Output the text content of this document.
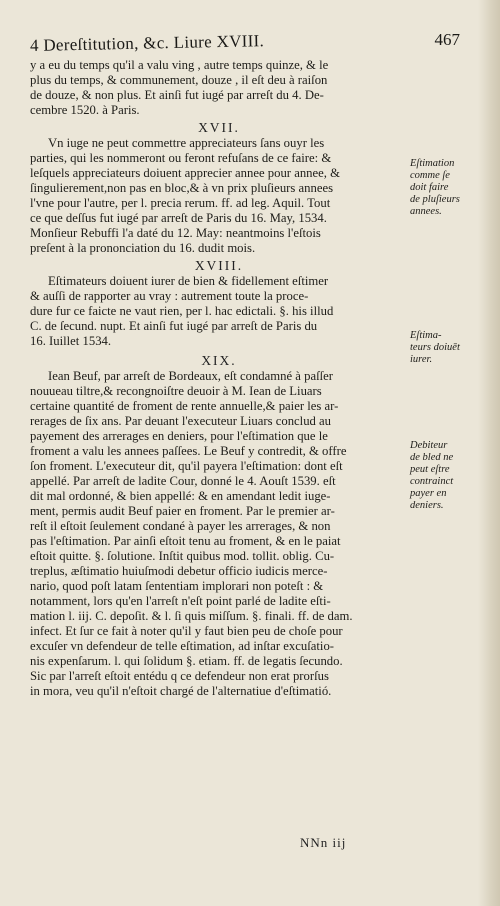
4 Dereſtitution, &c. Liure XVIII.	467

y a eu du temps qu'il a valu ving , autre temps quinze, & le
plus du temps, & communement, douze , il eſt deu à raiſon
de douze, & non plus. Et ainſi fut iugé par arreſt du 4. De-
cembre 1520. à Paris.

XVII.

Vn iuge ne peut commettre appreciateurs ſans ouyr les
parties, qui les nommeront ou feront refuſans de ce faire: &
leſquels appreciateurs doiuent apprecier annee pour annee, &
ſingulierement,non pas en bloc,& à vn prix pluſieurs annees
l'vne pour l'autre, per l. precia rerum. ff. ad leg. Aquil. Tout
ce que deſſus fut iugé par arreſt de Paris du 16. May, 1534.
Monſieur Rebuffi l'a daté du 12. May: neantmoins l'eſtois
preſent à la prononciation du 16. dudit mois.

XVIII.

Eſtimateurs doiuent iurer de bien & fidellement eſtimer
& auſſi de rapporter au vray : autrement toute la proce-
dure fur ce faicte ne vaut rien, per l. hac edictali. §. his illud
C. de ſecund. nupt. Et ainſi fut iugé par arreſt de Paris du
16. Iuillet 1534.

XIX.

Iean Beuf, par arreſt de Bordeaux, eſt condamné à paſſer
nouueau tiltre,& recongnoiſtre deuoir à M. Iean de Liuars
certaine quantité de froment de rente annuelle,& paier les ar-
rerages de ſix ans. Par deuant l'executeur Liuars conclud au
payement des arrerages en deniers, pour l'eſtimation que le
froment a valu les annees paſſees. Le Beuf y contredit, & offre
ſon froment. L'executeur dit, qu'il payera l'eſtimation: dont eſt
appellé. Par arreſt de ladite Cour, donné le 4. Aouſt 1539. eſt
dit mal ordonné, & bien appellé: & en amendant ledit iuge-
ment, permis audit Beuf paier en froment. Par le premier ar-
reſt il eſtoit ſeulement condané à payer les arrerages, & non
pas l'eſtimation. Par ainſi eſtoit tenu au froment, & en le paiat
eſtoit quitte. §. ſolutione. Inſtit quibus mod. tollit. oblig. Cu-
treplus, æſtimatio huiuſmodi debetur officio iudicis merce-
nario, quod poſt latam ſententiam implorari non poteſt : &
notamment, lors qu'en l'arreſt n'eſt point parlé de ladite eſti-
mation l. iij. C. depoſit. & l. ſi quis miſſum. §. finali. ff. de dam.
infect. Et ſur ce fait à noter qu'il y faut bien peu de choſe pour
excuſer vn defendeur de telle eſtimation, ad inſtar excuſatio-
nis expenſarum. l. qui ſolidum §. etiam. ff. de legatis ſecundo.
Sic par l'arreſt eſtoit entédu q ce defendeur non erat prorſus
in mora, veu qu'il n'eſtoit chargé de l'alternatiue d'eſtimatió.

Eſtimation
comme ſe
doit faire
de pluſieurs
annees.
Eſtima-
teurs doiuēt
iurer.
Debiteur
de bled ne
peut eſtre
contrainct
payer en
deniers.
NNn iij
